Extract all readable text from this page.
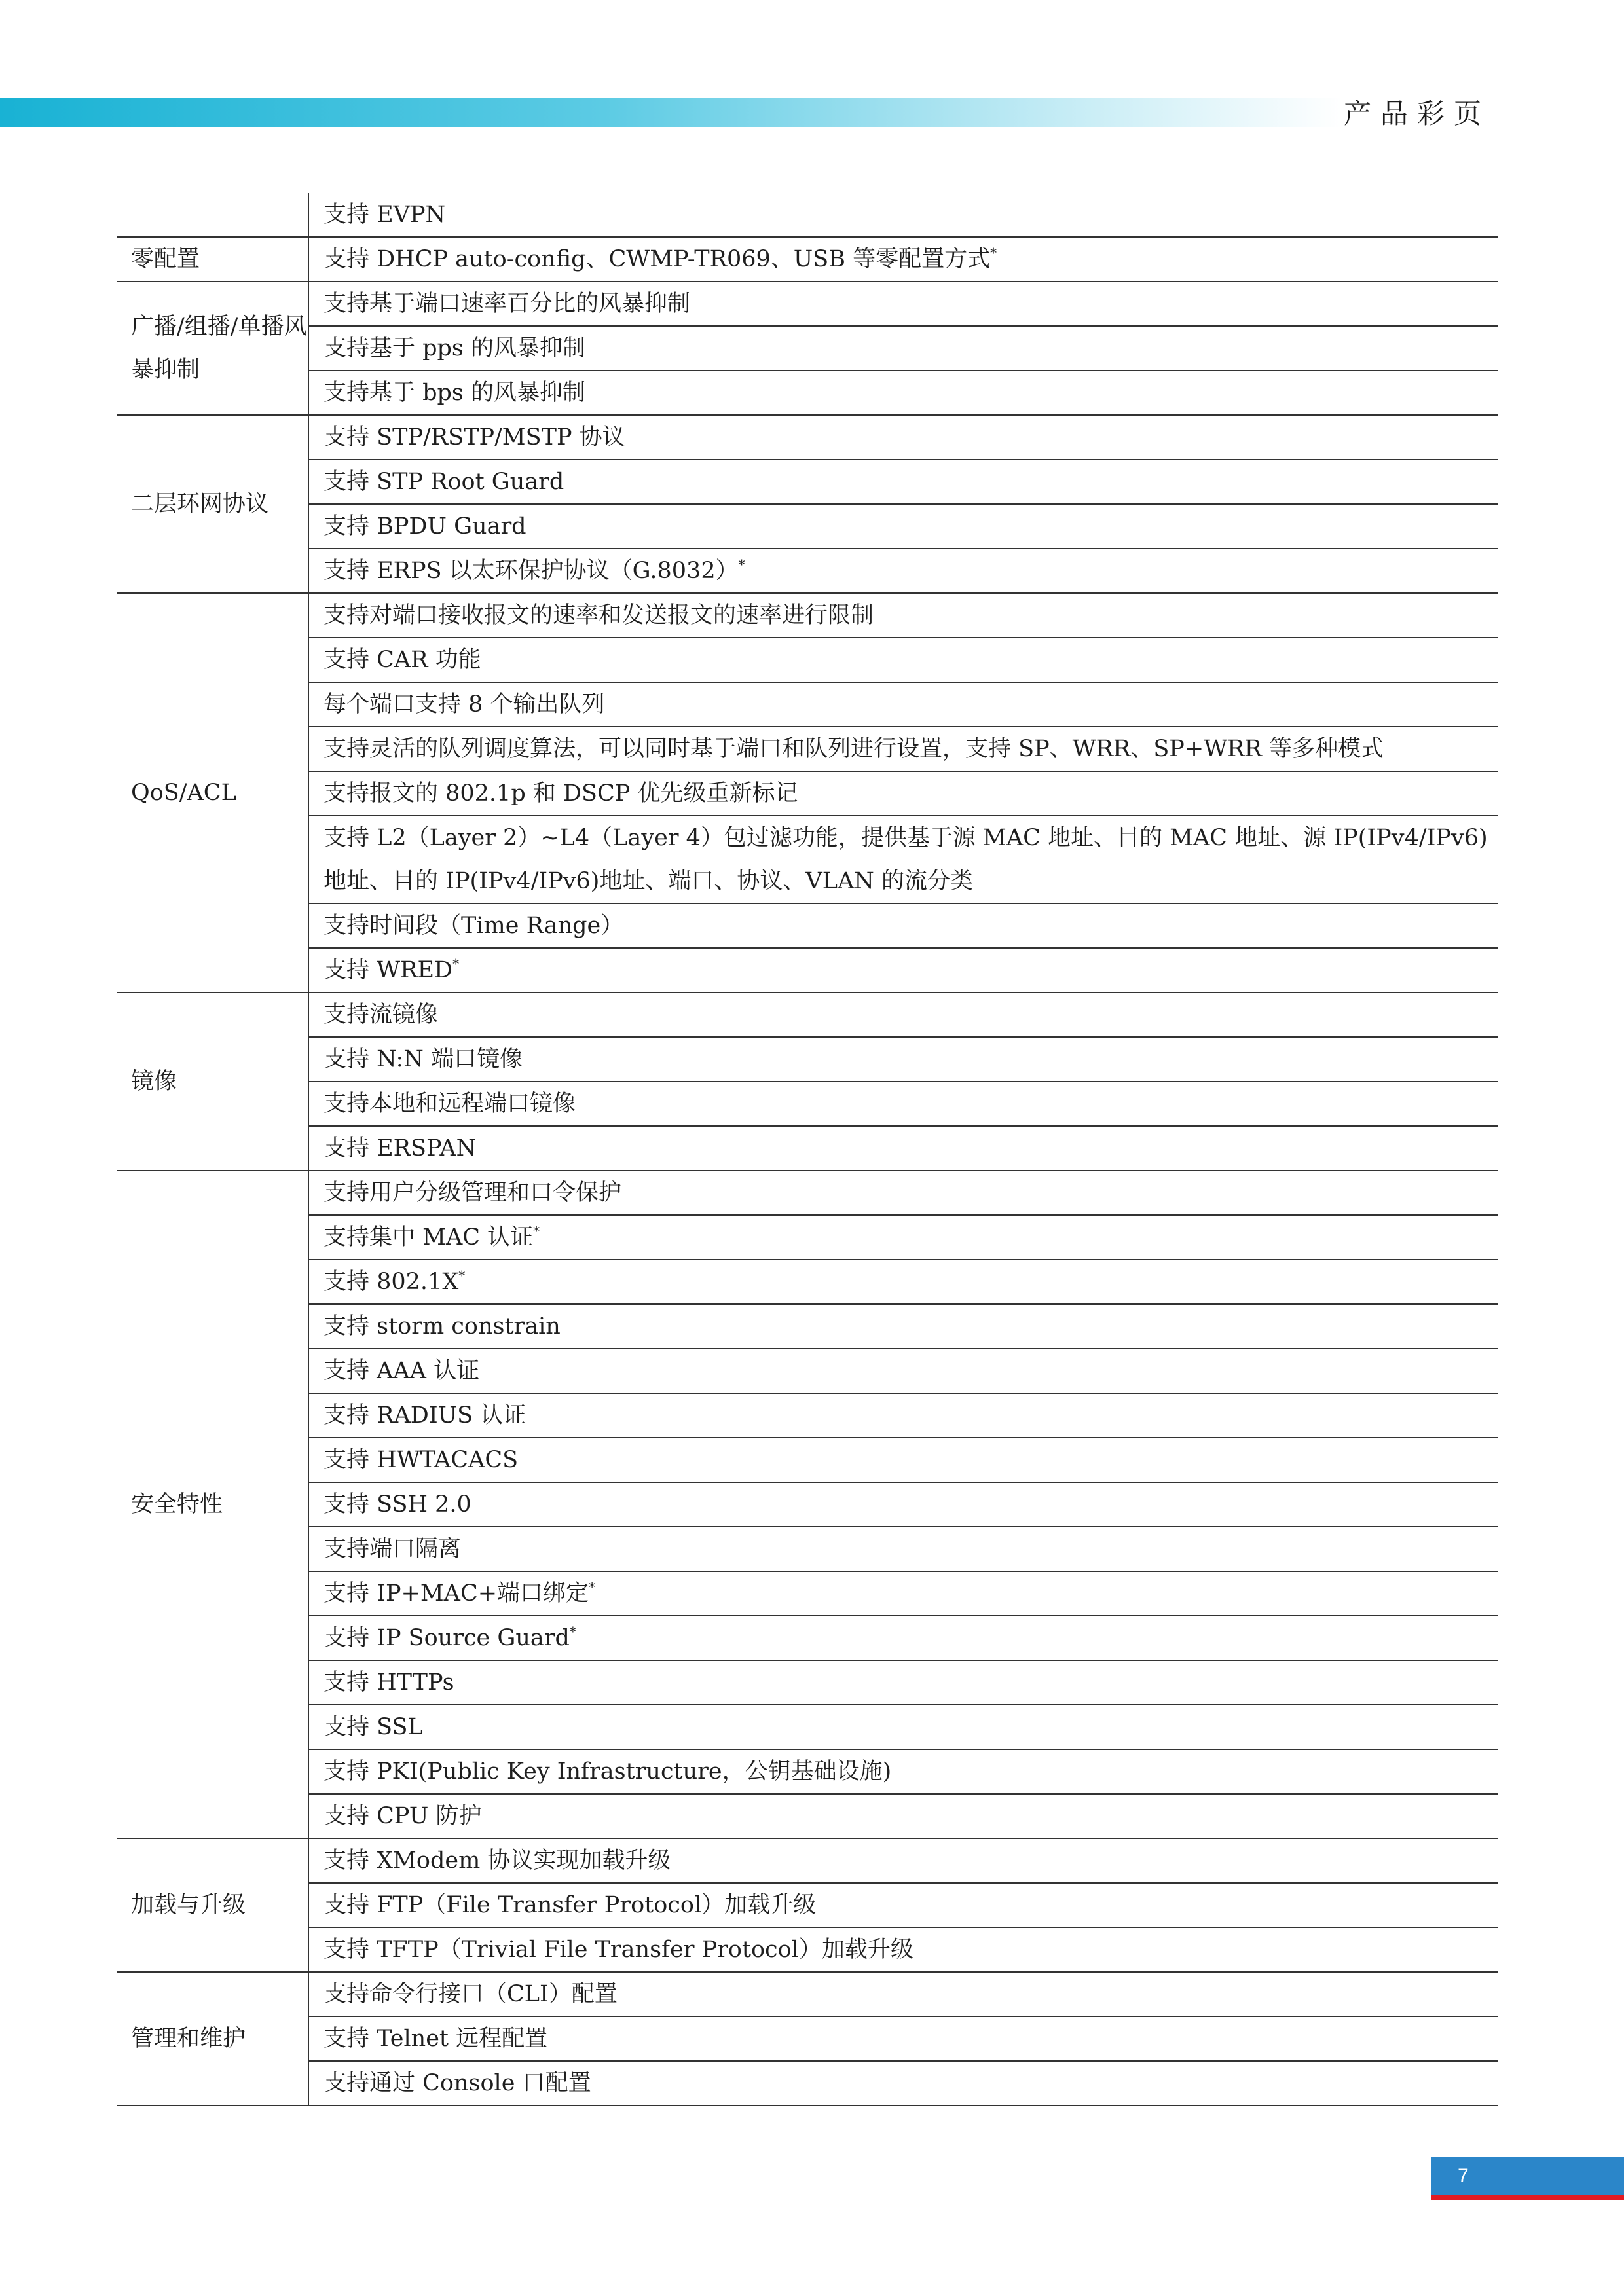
产品彩页
	支持 EVPN
零配置	支持 DHCP auto-config、CWMP-TR069、USB 等零配置方式*
广播/组播/单播风暴抑制	支持基于端口速率百分比的风暴抑制
	支持基于 pps 的风暴抑制
	支持基于 bps 的风暴抑制
二层环网协议	支持 STP/RSTP/MSTP 协议
	支持 STP Root Guard
	支持 BPDU Guard
	支持 ERPS 以太环保护协议（G.8032）*
QoS/ACL	支持对端口接收报文的速率和发送报文的速率进行限制
	支持 CAR 功能
	每个端口支持 8 个输出队列
	支持灵活的队列调度算法，可以同时基于端口和队列进行设置，支持 SP、WRR、SP+WRR 等多种模式
	支持报文的 802.1p 和 DSCP 优先级重新标记
	支持 L2（Layer 2）~L4（Layer 4）包过滤功能，提供基于源 MAC 地址、目的 MAC 地址、源 IP(IPv4/IPv6)地址、目的 IP(IPv4/IPv6)地址、端口、协议、VLAN 的流分类
	支持时间段（Time Range）
	支持 WRED*
镜像	支持流镜像
	支持 N:N 端口镜像
	支持本地和远程端口镜像
	支持 ERSPAN
安全特性	支持用户分级管理和口令保护
	支持集中 MAC 认证*
	支持 802.1X*
	支持 storm constrain
	支持 AAA 认证
	支持 RADIUS 认证
	支持 HWTACACS
	支持 SSH 2.0
	支持端口隔离
	支持 IP+MAC+端口绑定*
	支持 IP Source Guard*
	支持 HTTPs
	支持 SSL
	支持 PKI(Public Key Infrastructure，公钥基础设施)
	支持 CPU 防护
加载与升级	支持 XModem 协议实现加载升级
	支持 FTP（File Transfer Protocol）加载升级
	支持 TFTP（Trivial File Transfer Protocol）加载升级
管理和维护	支持命令行接口（CLI）配置
	支持 Telnet 远程配置
	支持通过 Console 口配置
7
